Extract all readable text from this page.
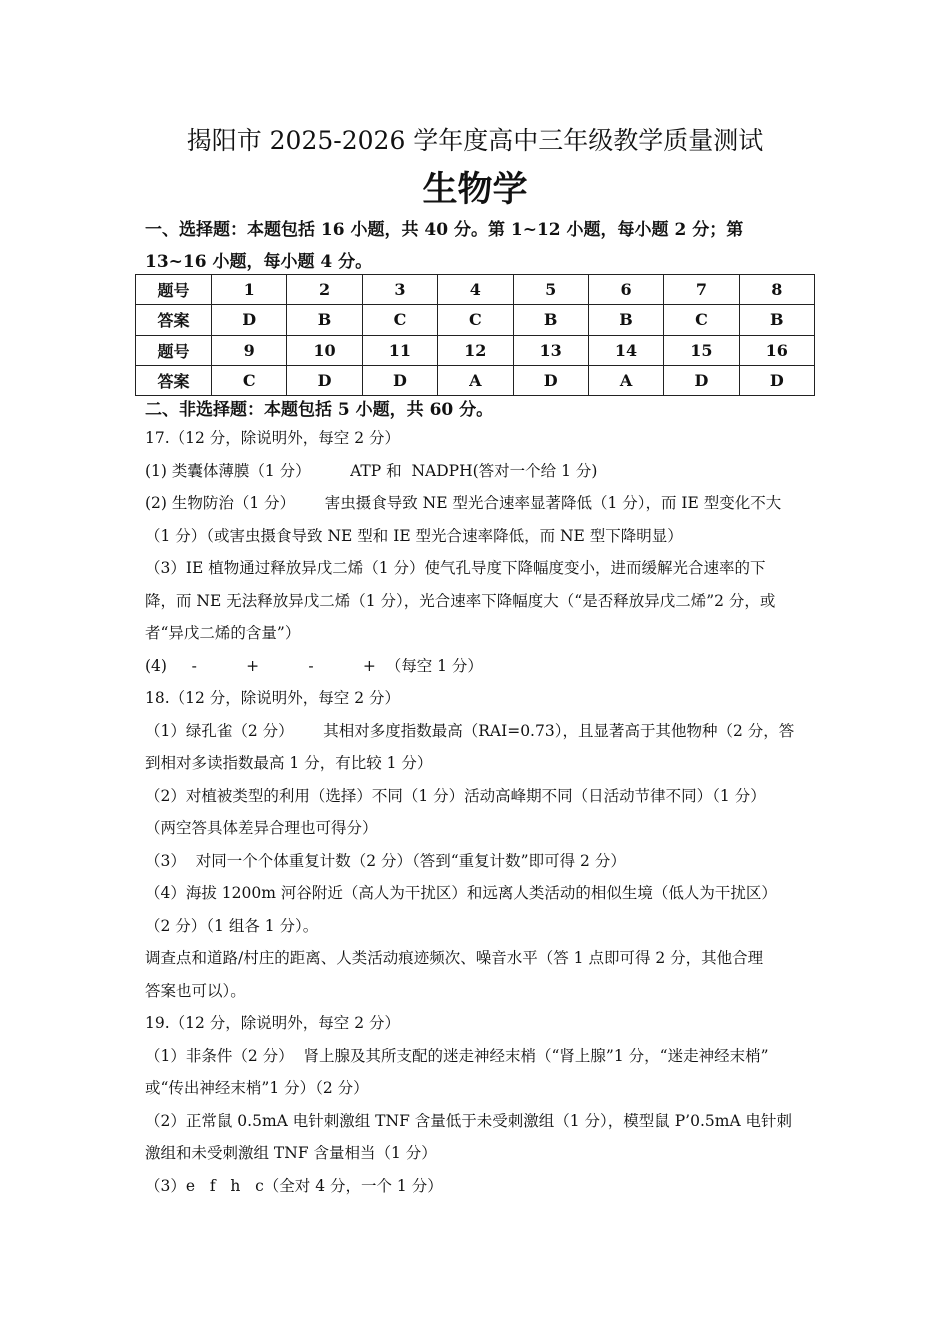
揭阳市 2025-2026 学年度高中三年级教学质量测试
生物学
一、选择题：本题包括 16 小题，共 40 分。第 1~12 小题，每小题 2 分；第 13~16 小题，每小题 4 分。
题号	1	2	3	4	5	6	7	8
答案	D	B	C	C	B	B	C	B
题号	9	10	11	12	13	14	15	16
答案	C	D	D	A	D	A	D	D
二、非选择题：本题包括 5 小题，共 60 分。
17.（12 分，除说明外，每空 2 分）
(1) 类囊体薄膜（1 分）        ATP 和  NADPH(答对一个给 1 分)
(2) 生物防治（1 分）      害虫摄食导致 NE 型光合速率显著降低（1 分），而 IE 型变化不大
（1 分）（或害虫摄食导致 NE 型和 IE 型光合速率降低，而 NE 型下降明显）
（3）IE 植物通过释放异戊二烯（1 分）使气孔导度下降幅度变小，进而缓解光合速率的下
降，而 NE 无法释放异戊二烯（1 分），光合速率下降幅度大（“是否释放异戊二烯”2 分，或
者“异戊二烯的含量”）
(4)     -          +          -          +  （每空 1 分）
18.（12 分，除说明外，每空 2 分）
（1）绿孔雀（2 分）      其相对多度指数最高（RAI=0.73），且显著高于其他物种（2 分，答
到相对多读指数最高 1 分，有比较 1 分）
（2）对植被类型的利用（选择）不同（1 分）活动高峰期不同（日活动节律不同）（1 分）
（两空答具体差异合理也可得分）
（3）  对同一个个体重复计数（2 分）（答到“重复计数”即可得 2 分）
（4）海拔 1200m 河谷附近（高人为干扰区）和远离人类活动的相似生境（低人为干扰区）
（2 分）（1 组各 1 分）。
调查点和道路/村庄的距离、人类活动痕迹频次、噪音水平（答 1 点即可得 2 分，其他合理
答案也可以）。
19.（12 分，除说明外，每空 2 分）
（1）非条件（2 分）  肾上腺及其所支配的迷走神经末梢（“肾上腺”1 分，“迷走神经末梢”
或“传出神经末梢”1 分）（2 分）
（2）正常鼠 0.5mA 电针刺激组 TNF 含量低于未受刺激组（1 分），模型鼠 P’0.5mA 电针刺
激组和未受刺激组 TNF 含量相当（1 分）
（3）e   f   h   c（全对 4 分，一个 1 分）
